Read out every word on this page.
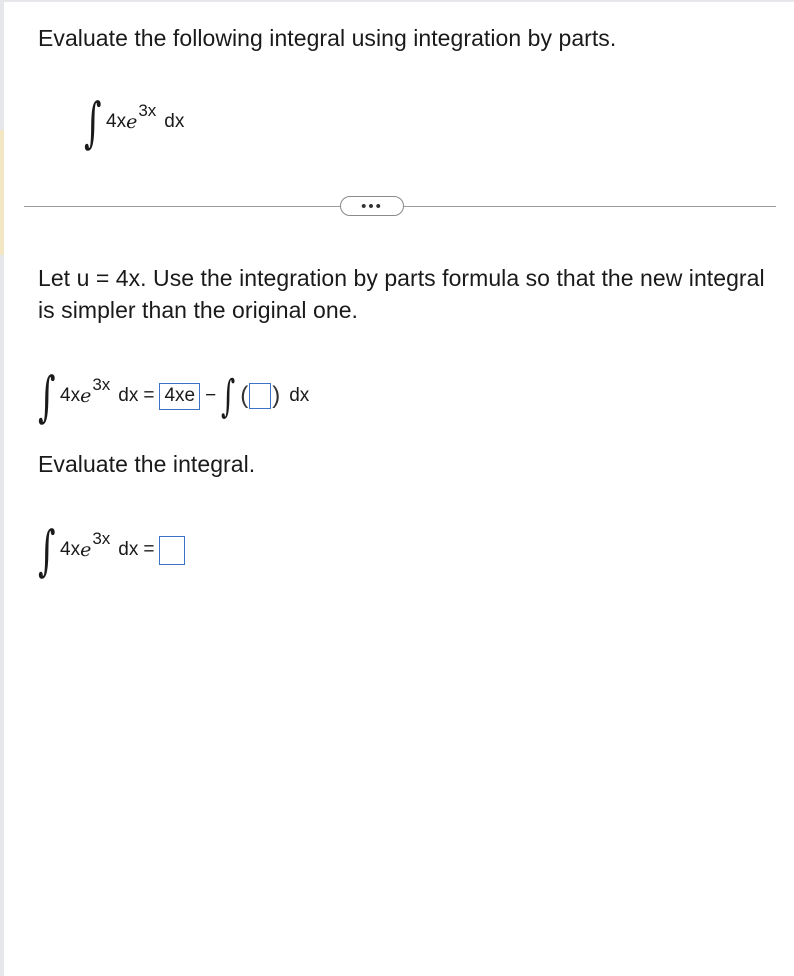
Evaluate the following integral using integration by parts.
∫ 4x e
3x
dx
•••
Let u = 4x. Use the integration by parts formula so that the new integral is simpler than the original one.
∫ 4x e
3x
dx = 4xe − ∫ ( ) dx
Evaluate the integral.
∫ 4x e
3x
dx =
